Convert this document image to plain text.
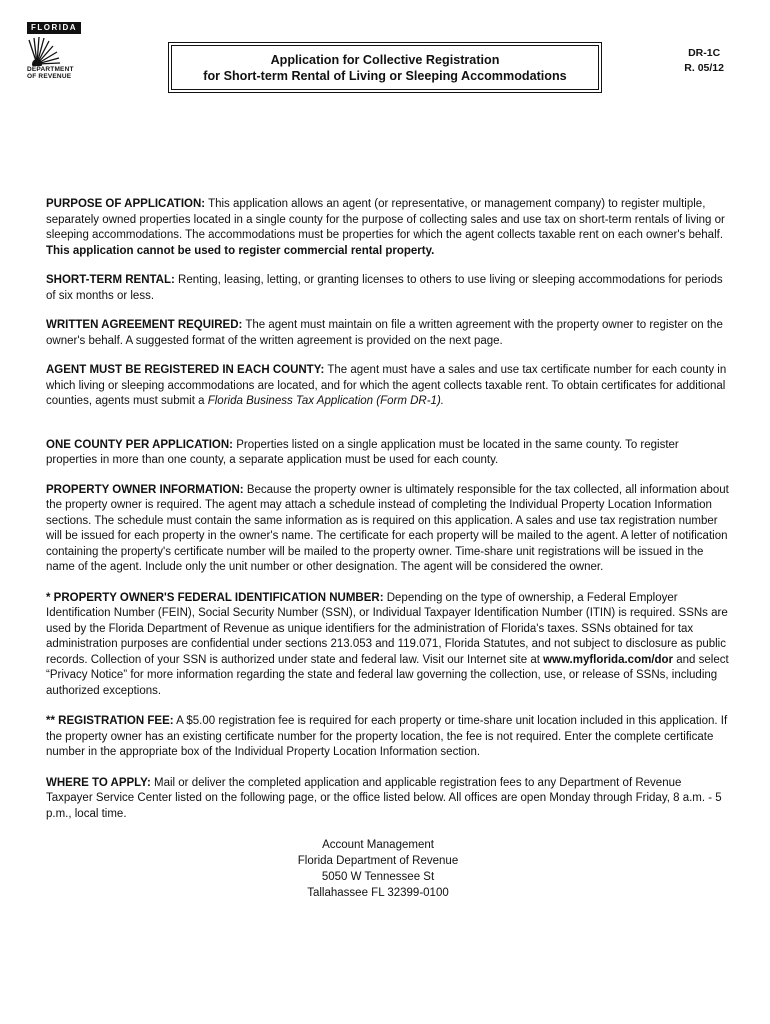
FLORIDA
DEPARTMENT
OF REVENUE
Application for Collective Registration
for Short-term Rental of Living or Sleeping Accommodations
DR-1C
R. 05/12

PURPOSE OF APPLICATION: This application allows an agent (or representative, or management company) to register multiple, separately owned properties located in a single county for the purpose of collecting sales and use tax on short-term rentals of living or sleeping accommodations. The accommodations must be properties for which the agent collects taxable rent on each owner's behalf. This application cannot be used to register commercial rental property.

SHORT-TERM RENTAL: Renting, leasing, letting, or granting licenses to others to use living or sleeping accommodations for periods of six months or less.

WRITTEN AGREEMENT REQUIRED: The agent must maintain on file a written agreement with the property owner to register on the owner's behalf. A suggested format of the written agreement is provided on the next page.

AGENT MUST BE REGISTERED IN EACH COUNTY: The agent must have a sales and use tax certificate number for each county in which living or sleeping accommodations are located, and for which the agent collects taxable rent. To obtain certificates for additional counties, agents must submit a Florida Business Tax Application (Form DR-1).

ONE COUNTY PER APPLICATION: Properties listed on a single application must be located in the same county. To register properties in more than one county, a separate application must be used for each county.

PROPERTY OWNER INFORMATION: Because the property owner is ultimately responsible for the tax collected, all information about the property owner is required. The agent may attach a schedule instead of completing the Individual Property Location Information sections. The schedule must contain the same information as is required on this application. A sales and use tax registration number will be issued for each property in the owner's name. The certificate for each property will be mailed to the agent. A letter of notification containing the property's certificate number will be mailed to the property owner. Time-share unit registrations will be issued in the name of the agent. Include only the unit number or other designation. The agent will be considered the owner.

* PROPERTY OWNER'S FEDERAL IDENTIFICATION NUMBER: Depending on the type of ownership, a Federal Employer Identification Number (FEIN), Social Security Number (SSN), or Individual Taxpayer Identification Number (ITIN) is required. SSNs are used by the Florida Department of Revenue as unique identifiers for the administration of Florida's taxes. SSNs obtained for tax administration purposes are confidential under sections 213.053 and 119.071, Florida Statutes, and not subject to disclosure as public records. Collection of your SSN is authorized under state and federal law. Visit our Internet site at www.myflorida.com/dor and select “Privacy Notice” for more information regarding the state and federal law governing the collection, use, or release of SSNs, including authorized exceptions.

** REGISTRATION FEE: A $5.00 registration fee is required for each property or time-share unit location included in this application. If the property owner has an existing certificate number for the property location, the fee is not required. Enter the complete certificate number in the appropriate box of the Individual Property Location Information section.

WHERE TO APPLY: Mail or deliver the completed application and applicable registration fees to any Department of Revenue Taxpayer Service Center listed on the following page, or the office listed below. All offices are open Monday through Friday, 8 a.m. - 5 p.m., local time.

Account Management
Florida Department of Revenue
5050 W Tennessee St
Tallahassee FL 32399-0100
